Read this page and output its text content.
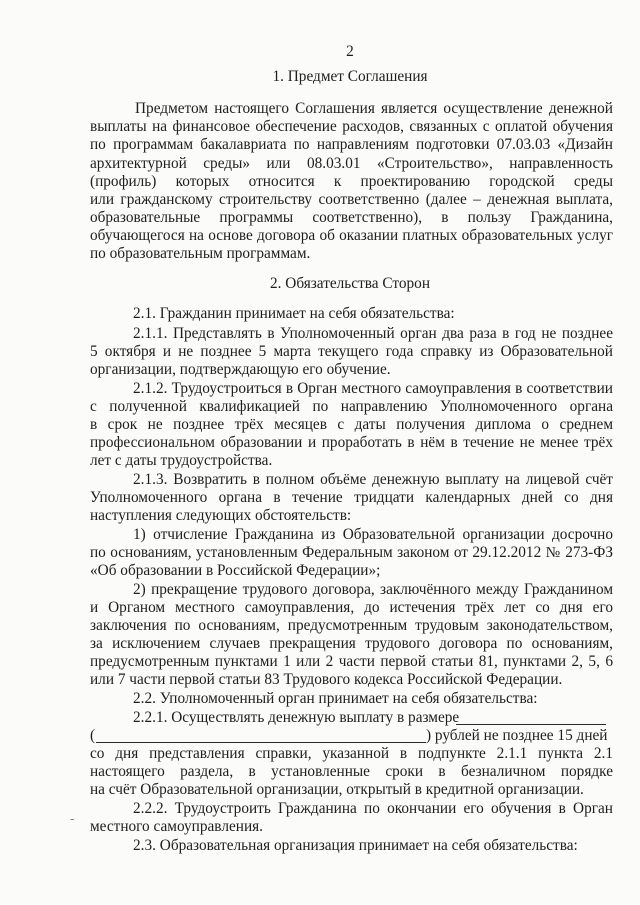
2
1. Предмет Соглашения
Предметом настоящего Соглашения является осуществление денежной
выплаты на финансовое обеспечение расходов, связанных с оплатой обучения
по программам бакалавриата по направлениям подготовки 07.03.03 «Дизайн
архитектурной среды» или 08.03.01 «Строительство», направленность
(профиль) которых относится к проектированию городской среды
или гражданскому строительству соответственно (далее – денежная выплата,
образовательные программы соответственно), в пользу Гражданина,
обучающегося на основе договора об оказании платных образовательных услуг
по образовательным программам.
2. Обязательства Сторон
2.1. Гражданин принимает на себя обязательства:
2.1.1. Представлять в Уполномоченный орган два раза в год не позднее
5 октября и не позднее 5 марта текущего года справку из Образовательной
организации, подтверждающую его обучение.
2.1.2. Трудоустроиться в Орган местного самоуправления в соответствии
с полученной квалификацией по направлению Уполномоченного органа
в срок не позднее трёх месяцев с даты получения диплома о среднем
профессиональном образовании и проработать в нём в течение не менее трёх
лет с даты трудоустройства.
2.1.3. Возвратить в полном объёме денежную выплату на лицевой счёт
Уполномоченного органа в течение тридцати календарных дней со дня
наступления следующих обстоятельств:
1) отчисление Гражданина из Образовательной организации досрочно
по основаниям, установленным Федеральным законом от 29.12.2012 № 273-ФЗ
«Об образовании в Российской Федерации»;
2) прекращение трудового договора, заключённого между Гражданином
и Органом местного самоуправления, до истечения трёх лет со дня его
заключения по основаниям, предусмотренным трудовым законодательством,
за исключением случаев прекращения трудового договора по основаниям,
предусмотренным пунктами 1 или 2 части первой статьи 81, пунктами 2, 5, 6
или 7 части первой статьи 83 Трудового кодекса Российской Федерации.
2.2. Уполномоченный орган принимает на себя обязательства:
2.2.1. Осуществлять денежную выплату в размере
(	) рублей не позднее 15 дней
со дня представления справки, указанной в подпункте 2.1.1 пункта 2.1
настоящего раздела, в установленные сроки в безналичном порядке
на счёт Образовательной организации, открытый в кредитной организации.
2.2.2. Трудоустроить Гражданина по окончании его обучения в Орган
местного самоуправления.
2.3. Образовательная организация принимает на себя обязательства:
-
